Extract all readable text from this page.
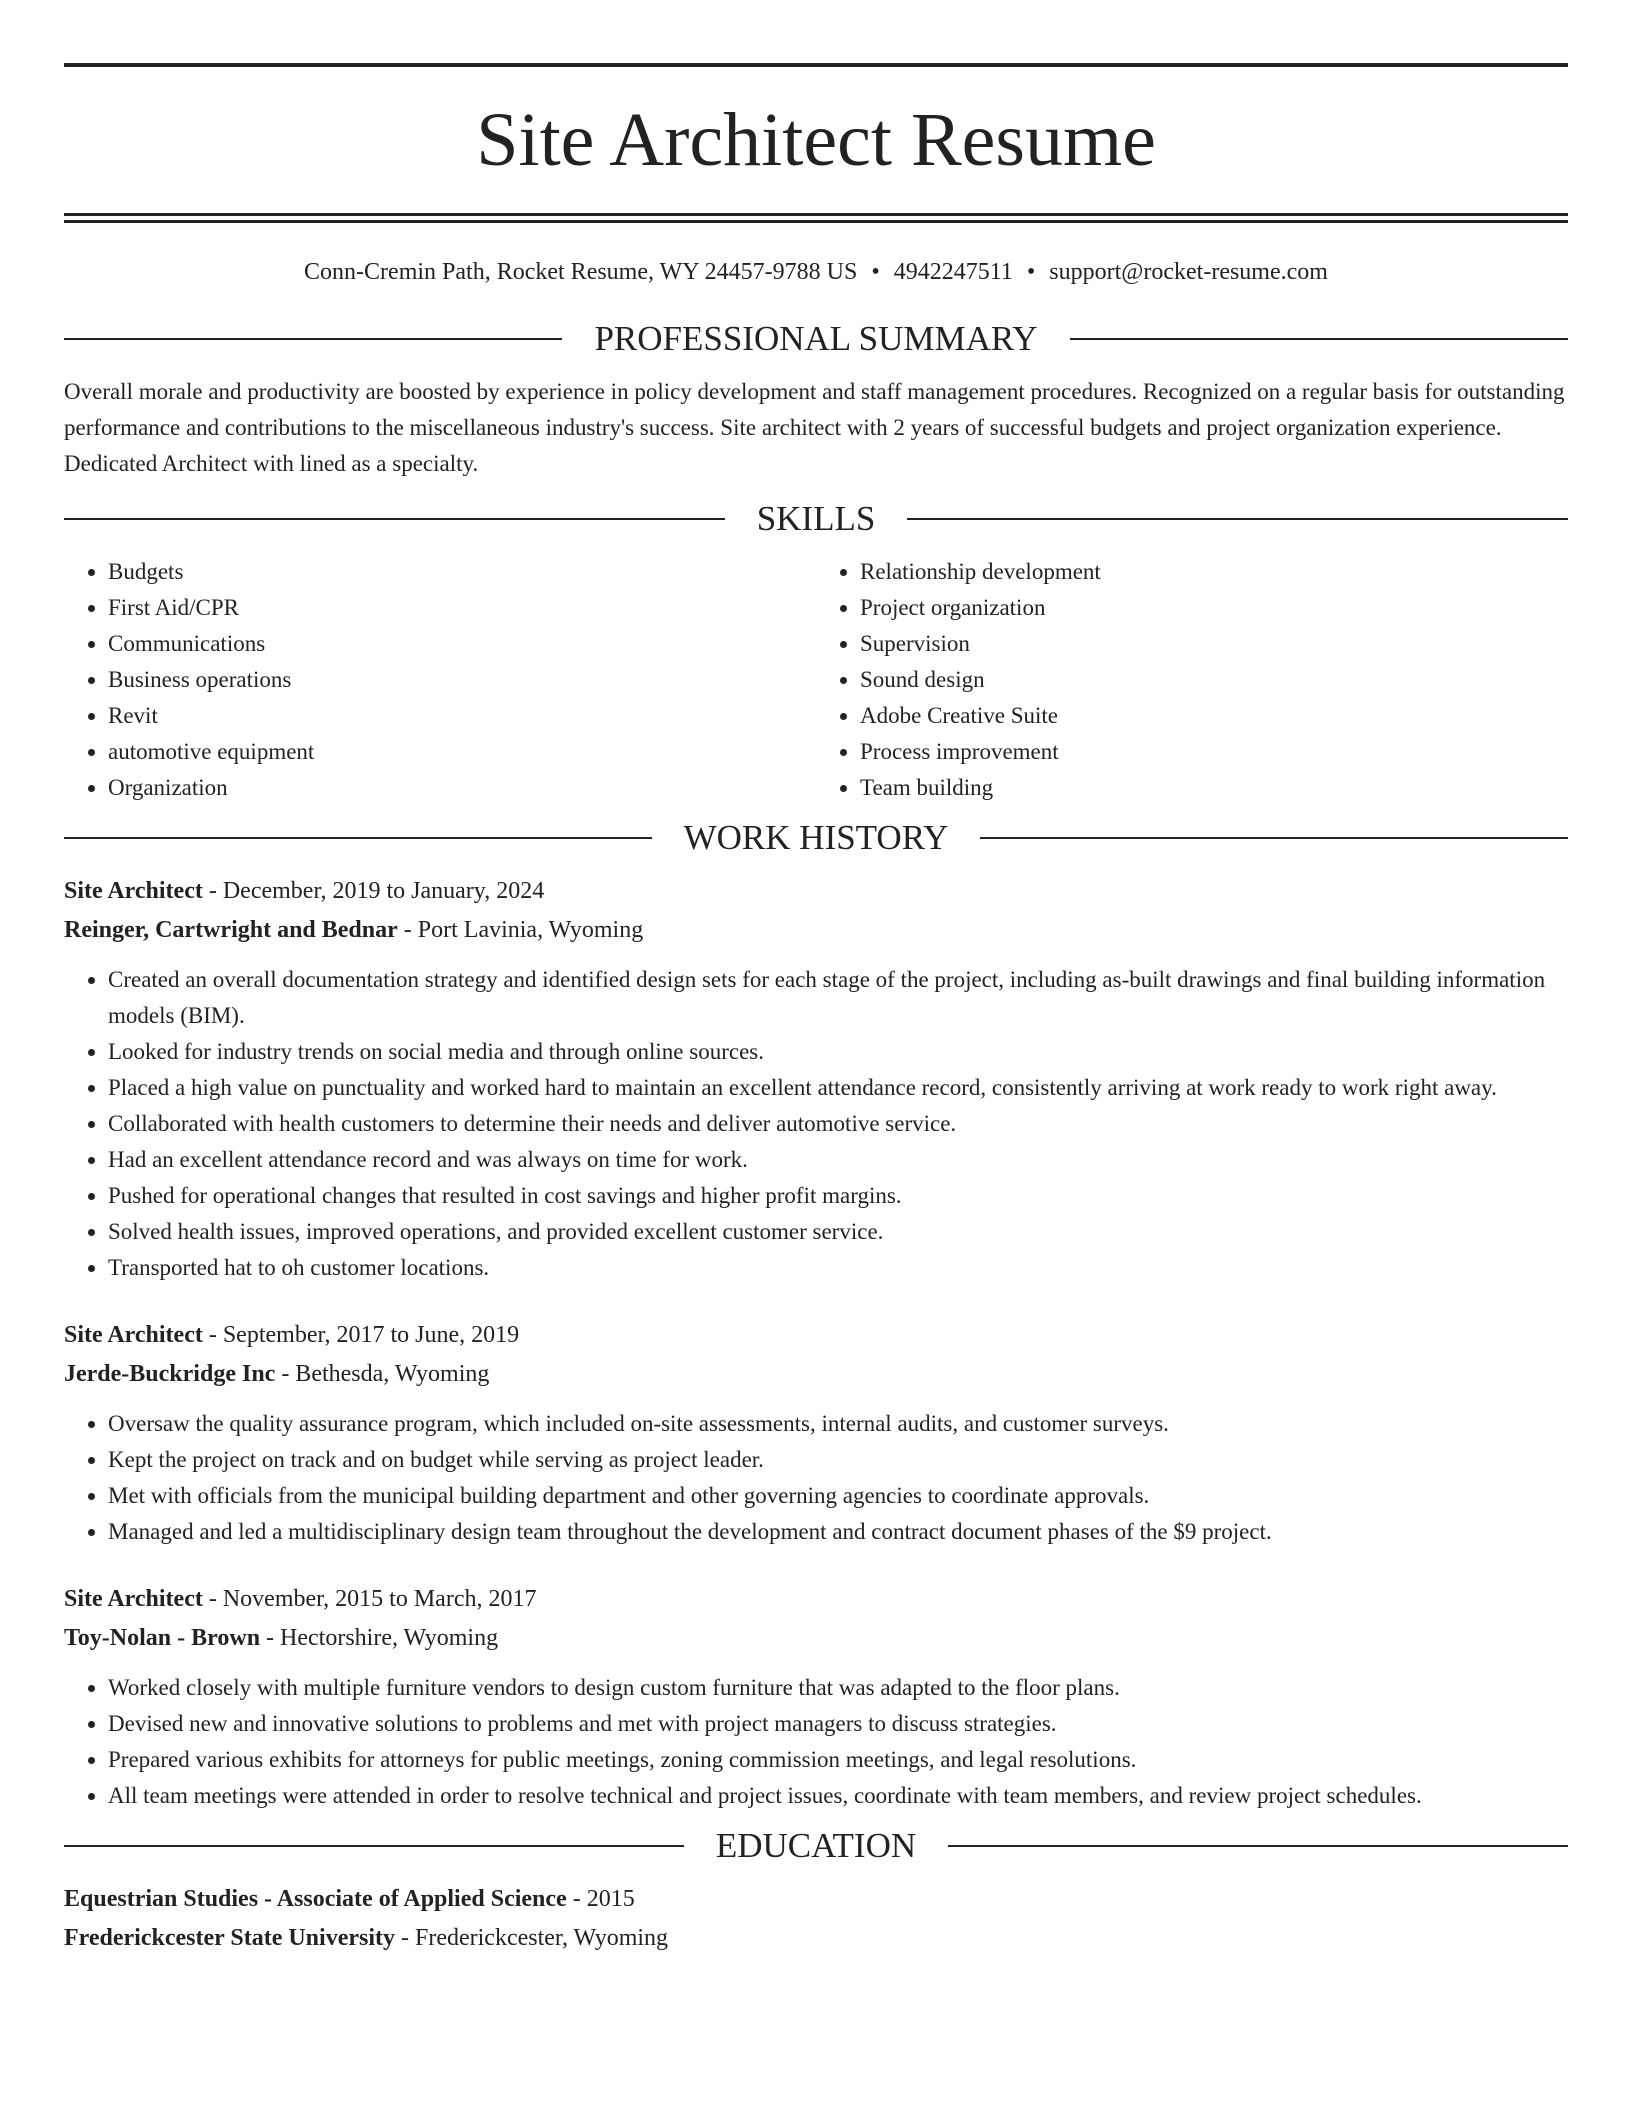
Site Architect Resume
Conn-Cremin Path, Rocket Resume, WY 24457-9788 US • 4942247511 • support@rocket-resume.com
PROFESSIONAL SUMMARY
Overall morale and productivity are boosted by experience in policy development and staff management procedures. Recognized on a regular basis for outstanding performance and contributions to the miscellaneous industry's success. Site architect with 2 years of successful budgets and project organization experience. Dedicated Architect with lined as a specialty.
SKILLS
• Budgets
• First Aid/CPR
• Communications
• Business operations
• Revit
• automotive equipment
• Organization
• Relationship development
• Project organization
• Supervision
• Sound design
• Adobe Creative Suite
• Process improvement
• Team building
WORK HISTORY
Site Architect - December, 2019 to January, 2024
Reinger, Cartwright and Bednar - Port Lavinia, Wyoming
• Created an overall documentation strategy and identified design sets for each stage of the project, including as-built drawings and final building information models (BIM).
• Looked for industry trends on social media and through online sources.
• Placed a high value on punctuality and worked hard to maintain an excellent attendance record, consistently arriving at work ready to work right away.
• Collaborated with health customers to determine their needs and deliver automotive service.
• Had an excellent attendance record and was always on time for work.
• Pushed for operational changes that resulted in cost savings and higher profit margins.
• Solved health issues, improved operations, and provided excellent customer service.
• Transported hat to oh customer locations.
Site Architect - September, 2017 to June, 2019
Jerde-Buckridge Inc - Bethesda, Wyoming
• Oversaw the quality assurance program, which included on-site assessments, internal audits, and customer surveys.
• Kept the project on track and on budget while serving as project leader.
• Met with officials from the municipal building department and other governing agencies to coordinate approvals.
• Managed and led a multidisciplinary design team throughout the development and contract document phases of the $9 project.
Site Architect - November, 2015 to March, 2017
Toy-Nolan - Brown - Hectorshire, Wyoming
• Worked closely with multiple furniture vendors to design custom furniture that was adapted to the floor plans.
• Devised new and innovative solutions to problems and met with project managers to discuss strategies.
• Prepared various exhibits for attorneys for public meetings, zoning commission meetings, and legal resolutions.
• All team meetings were attended in order to resolve technical and project issues, coordinate with team members, and review project schedules.
EDUCATION
Equestrian Studies - Associate of Applied Science - 2015
Frederickcester State University - Frederickcester, Wyoming
